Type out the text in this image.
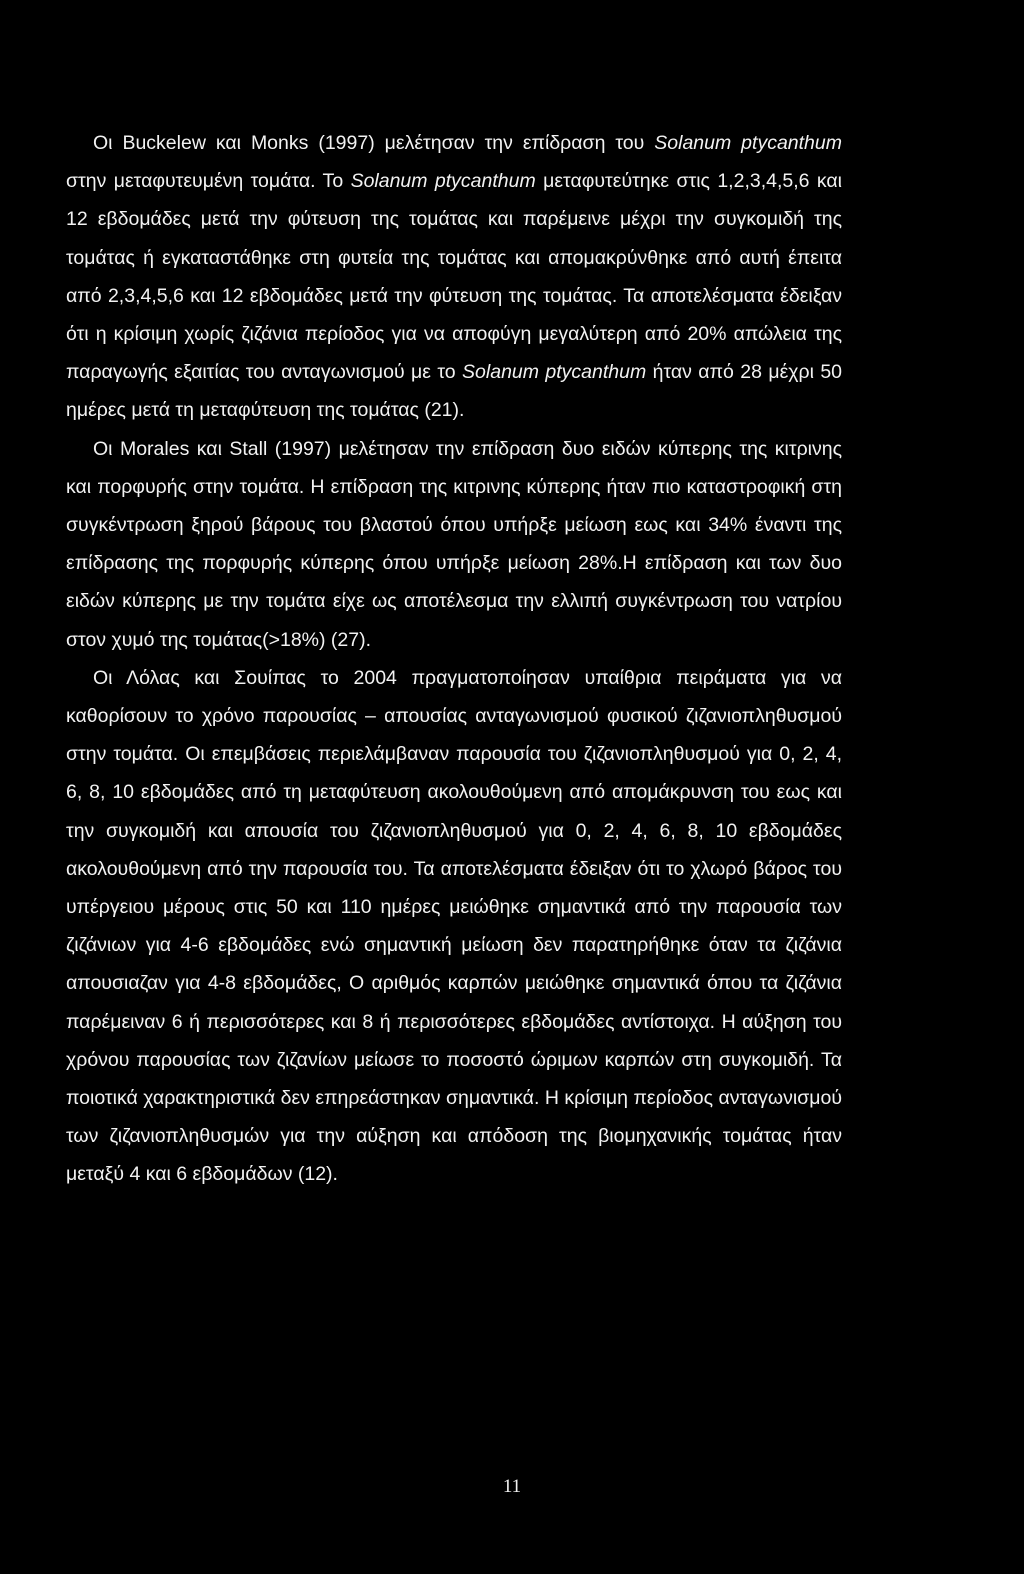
Οι Buckelew και Monks (1997) μελέτησαν την επίδραση του Solanum ptycanthum στην μεταφυτευμένη τομάτα. Το Solanum ptycanthum μεταφυτεύτηκε στις 1,2,3,4,5,6 και 12 εβδομάδες μετά την φύτευση της τομάτας και παρέμεινε μέχρι την συγκομιδή της τομάτας ή εγκαταστάθηκε στη φυτεία της τομάτας και απομακρύνθηκε από αυτή έπειτα από 2,3,4,5,6 και 12 εβδομάδες μετά την φύτευση της τομάτας. Τα αποτελέσματα έδειξαν ότι η κρίσιμη χωρίς ζιζάνια περίοδος για να αποφύγη μεγαλύτερη από 20% απώλεια της παραγωγής εξαιτίας του ανταγωνισμού με το Solanum ptycanthum ήταν από 28 μέχρι 50 ημέρες μετά τη μεταφύτευση της τομάτας (21).

Οι Morales και Stall (1997) μελέτησαν την επίδραση δυο ειδών κύπερης της κιτρινης και πορφυρής στην τομάτα. Η επίδραση της κιτρινης κύπερης ήταν πιο καταστροφική στη συγκέντρωση ξηρού βάρους του βλαστού όπου υπήρξε μείωση εως και 34% έναντι της επίδρασης της πορφυρής κύπερης όπου υπήρξε μείωση 28%.Η επίδραση και των δυο ειδών κύπερης με την τομάτα είχε ως αποτέλεσμα την ελλιπή συγκέντρωση του νατρίου στον χυμό της τομάτας(>18%) (27).

Οι Λόλας και Σουίπας το 2004 πραγματοποίησαν υπαίθρια πειράματα για να καθορίσουν το χρόνο παρουσίας – απουσίας ανταγωνισμού φυσικού ζιζανιοπληθυσμού στην τομάτα. Οι επεμβάσεις περιελάμβαναν παρουσία του ζιζανιοπληθυσμού για 0, 2, 4, 6, 8, 10 εβδομάδες από τη μεταφύτευση ακολουθούμενη από απομάκρυνση του εως και την συγκομιδή και απουσία του ζιζανιοπληθυσμού για 0, 2, 4, 6, 8, 10 εβδομάδες ακολουθούμενη από την παρουσία του. Τα αποτελέσματα έδειξαν ότι το χλωρό βάρος του υπέργειου μέρους στις 50 και 110 ημέρες μειώθηκε σημαντικά από την παρουσία των ζιζάνιων για 4-6 εβδομάδες ενώ σημαντική μείωση δεν παρατηρήθηκε όταν τα ζιζάνια απουσιαζαν για 4-8 εβδομάδες, Ο αριθμός καρπών μειώθηκε σημαντικά όπου τα ζιζάνια παρέμειναν 6 ή περισσότερες και 8 ή περισσότερες εβδομάδες αντίστοιχα. Η αύξηση του χρόνου παρουσίας των ζιζανίων μείωσε το ποσοστό ώριμων καρπών στη συγκομιδή. Τα ποιοτικά χαρακτηριστικά δεν επηρεάστηκαν σημαντικά. Η κρίσιμη περίοδος ανταγωνισμού των ζιζανιοπληθυσμών για την αύξηση και απόδοση της βιομηχανικής τομάτας ήταν μεταξύ 4 και 6 εβδομάδων (12).

11
